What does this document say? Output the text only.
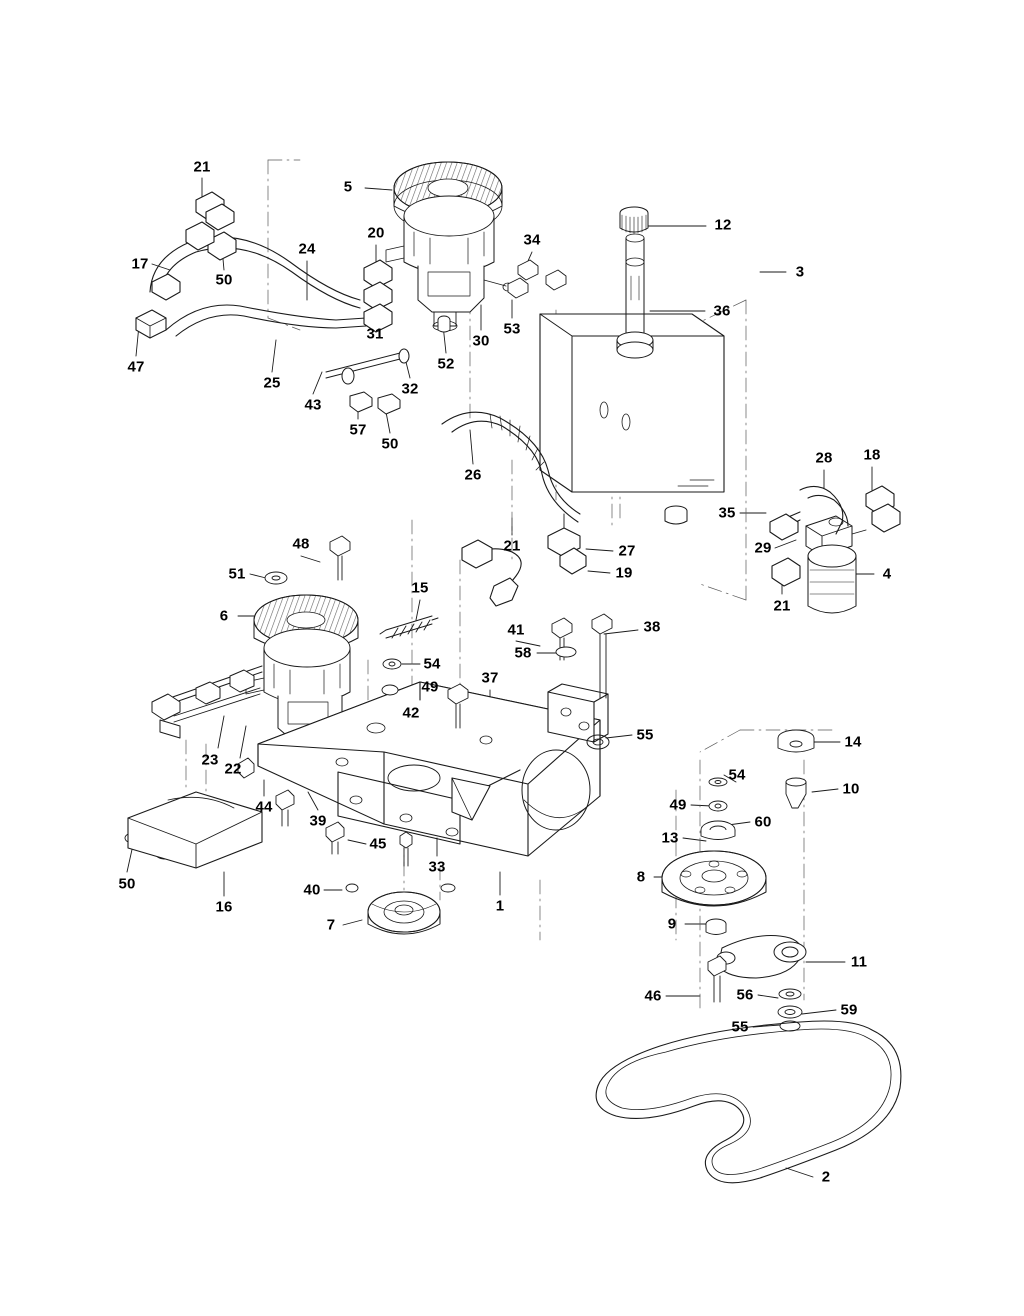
21
5
12
20	34
24
17	3
50
36
31	53
30
52
25
47
43
32
57
50
26
28 18
35
21	29
27
19	4
48
21
51
15
6
41	38
58
54
49
37
42
55	14
23
22	54
10
49
60
44
39
13
8
45
33
50
16
40
1
9
7
11
46	56
59
55
2
